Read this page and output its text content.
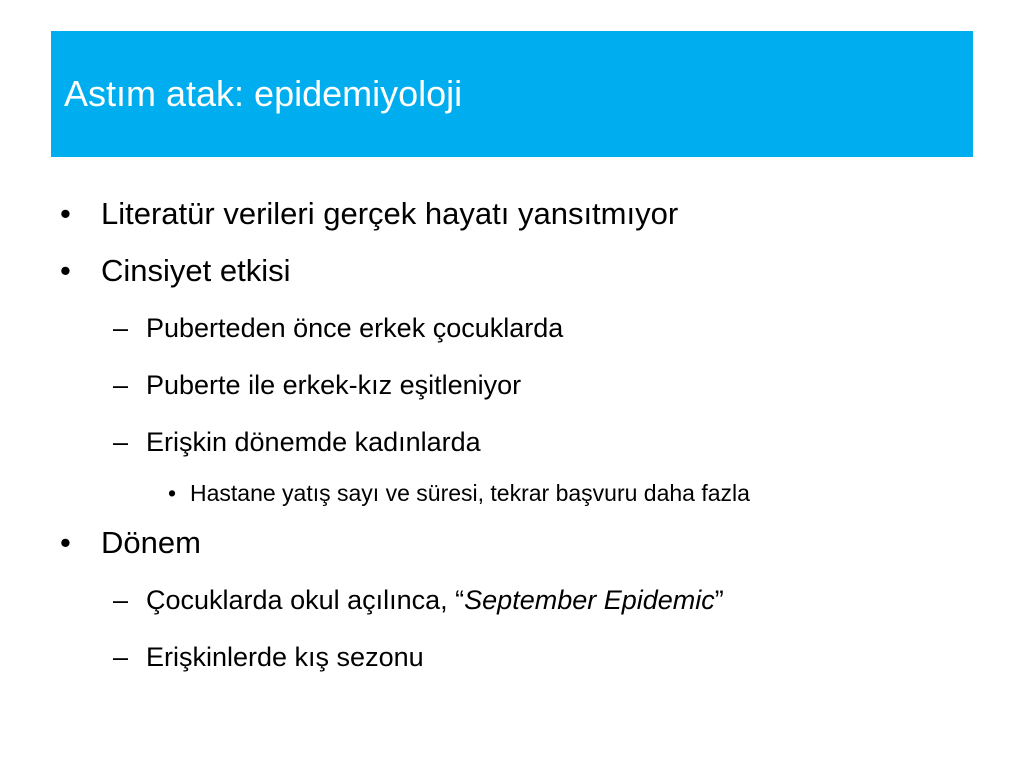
Astım atak: epidemiyoloji
• Literatür verileri gerçek hayatı yansıtmıyor
• Cinsiyet etkisi
– Puberteden önce erkek çocuklarda
– Puberte ile erkek-kız eşitleniyor
– Erişkin dönemde kadınlarda
• Hastane yatış sayı ve süresi, tekrar başvuru daha fazla
• Dönem
– Çocuklarda okul açılınca, “September Epidemic”
– Erişkinlerde kış sezonu
